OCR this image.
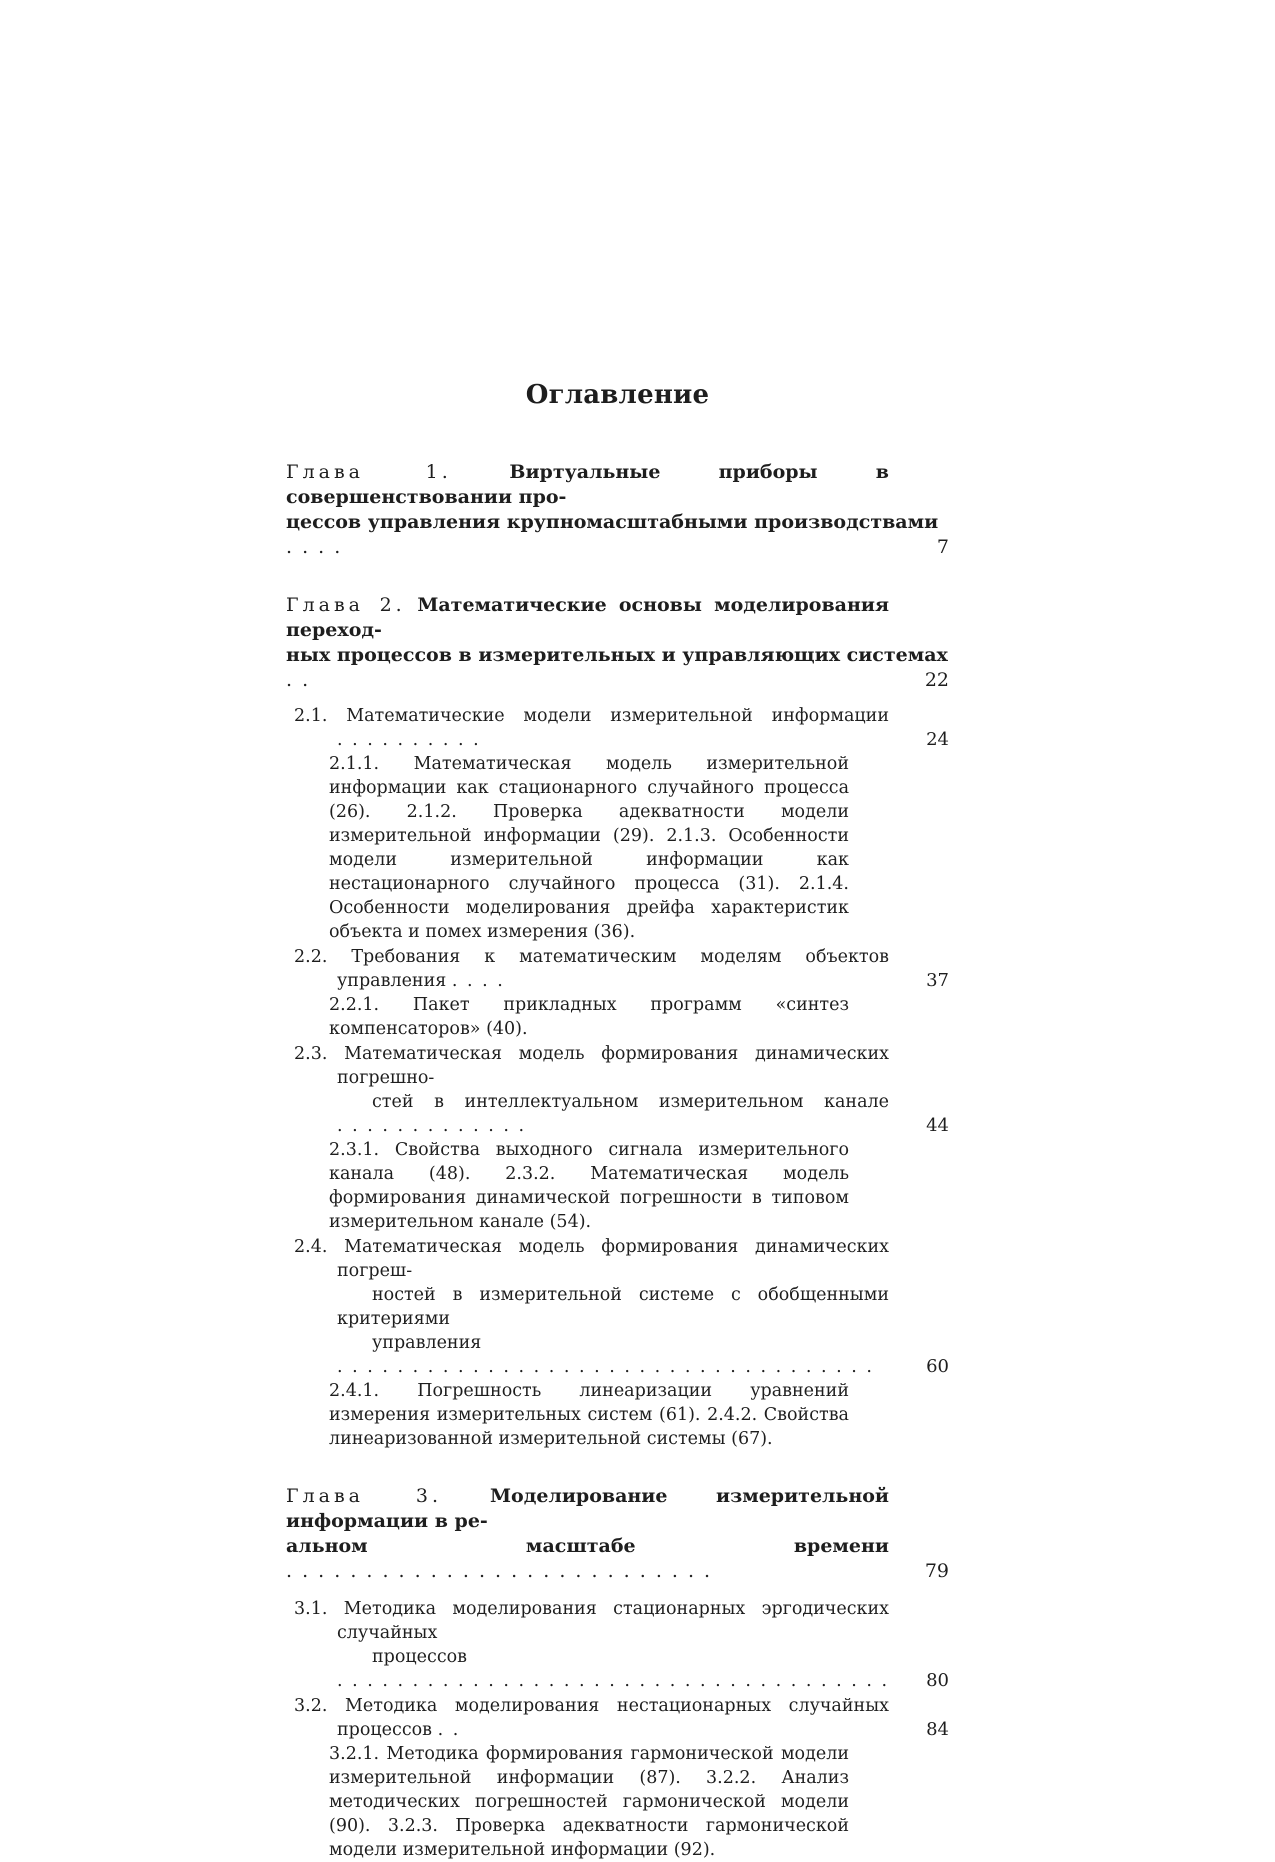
Оглавление
Глава 1.	Виртуальные приборы в совершенствовании про-
цессов управления крупномасштабными производствами . . . .	7
Глава 2. Математические основы моделирования переход-
ных процессов в измерительных и управляющих системах . .	22
2.1. Математические модели измерительной информации . . . . . . . . . .	24
2.1.1. Математическая модель измерительной информации как стационарного случайного процесса (26). 2.1.2. Проверка адекватности модели измерительной информации (29). 2.1.3. Особенности модели измерительной информации как нестационарного случайного процесса (31). 2.1.4. Особенности моделирования дрейфа характеристик объекта и помех измерения (36).
2.2. Требования к математическим моделям объектов управления . . . .	37
2.2.1. Пакет прикладных программ «синтез компенсаторов» (40).
2.3. Математическая модель формирования динамических погрешно-
стей в интеллектуальном измерительном канале . . . . . . . . . . . . .	44
2.3.1. Свойства выходного сигнала измерительного канала (48). 2.3.2. Математическая модель формирования динамической погрешности в типовом измерительном канале (54).
2.4. Математическая модель формирования динамических погреш-
ностей в измерительной системе с обобщенными критериями
управления . . . . . . . . . . . . . . . . . . . . . . . . . . . . . . . . . . . .	60
2.4.1. Погрешность линеаризации уравнений измерения измерительных систем (61). 2.4.2. Свойства линеаризованной измерительной системы (67).
Глава 3.	Моделирование измерительной информации в ре-
альном масштабе времени . . . . . . . . . . . . . . . . . . . . . . . . . . .	79
3.1. Методика моделирования стационарных эргодических случайных
процессов . . . . . . . . . . . . . . . . . . . . . . . . . . . . . . . . . . . . .	80
3.2. Методика моделирования нестационарных случайных процессов . .	84
3.2.1. Методика формирования гармонической модели измерительной информации (87). 3.2.2. Анализ методических погрешностей гармонической модели (90). 3.2.3. Проверка адекватности гармонической модели измерительной информации (92).
